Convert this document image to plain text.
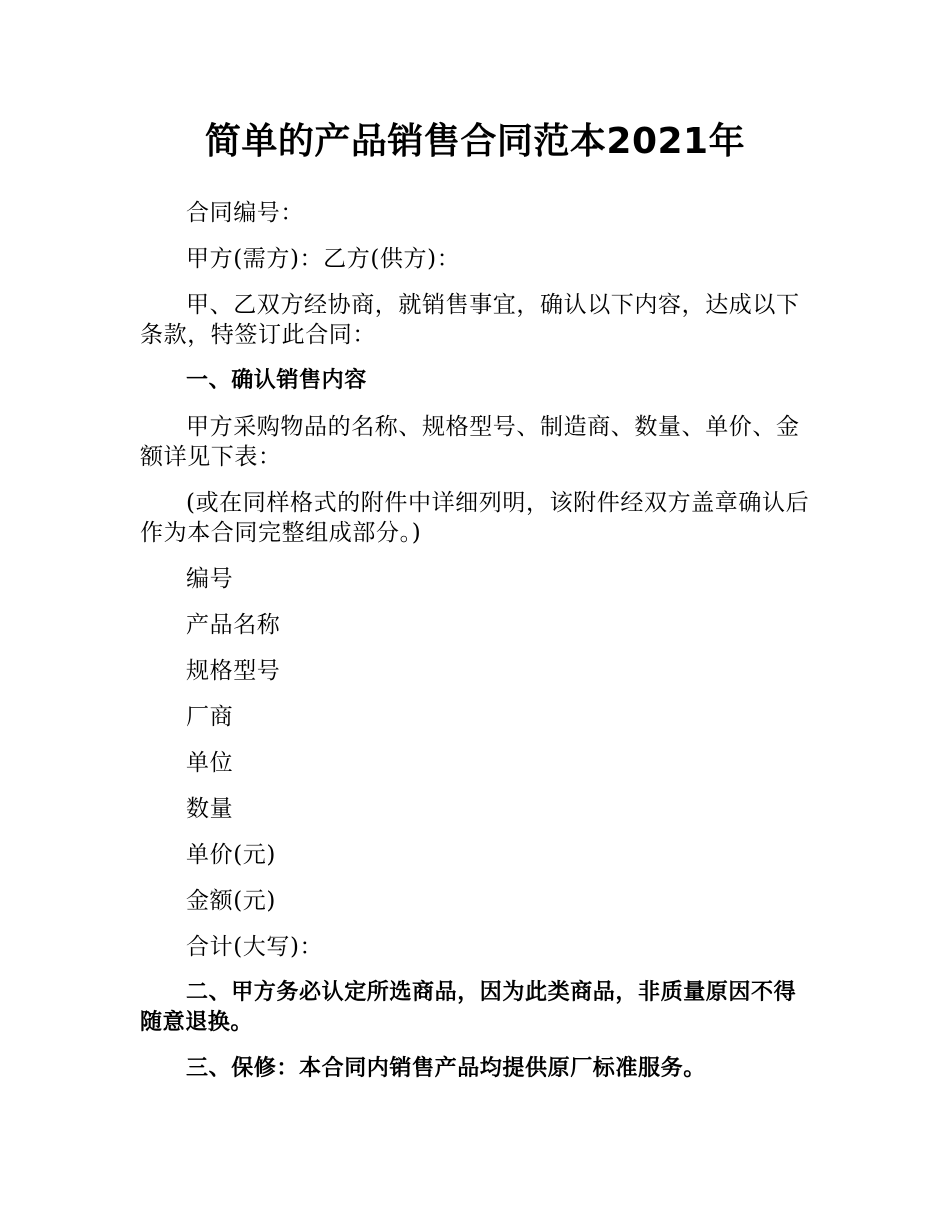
简单的产品销售合同范本2021年

合同编号：

甲方(需方)：乙方(供方)：

甲、乙双方经协商，就销售事宜，确认以下内容，达成以下条款，特签订此合同：

一、确认销售内容

甲方采购物品的名称、规格型号、制造商、数量、单价、金额详见下表：

(或在同样格式的附件中详细列明，该附件经双方盖章确认后作为本合同完整组成部分。)

编号

产品名称

规格型号

厂商

单位

数量

单价(元)

金额(元)

合计(大写)：

二、甲方务必认定所选商品，因为此类商品，非质量原因不得随意退换。

三、保修：本合同内销售产品均提供原厂标准服务。
